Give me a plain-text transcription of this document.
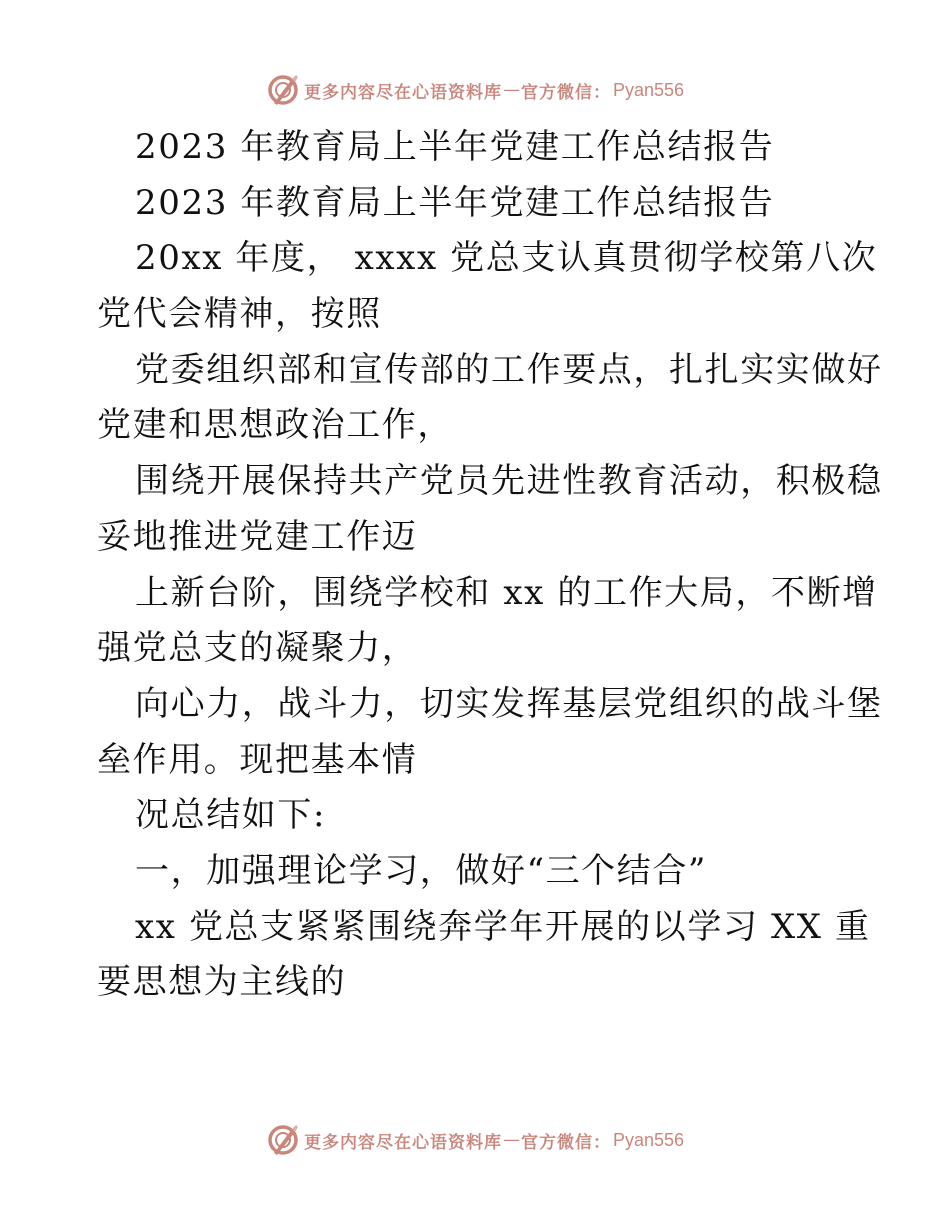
更多内容尽在心语资料库 — 官方微信： Pyan556
2023 年教育局上半年党建工作总结报告
2023 年教育局上半年党建工作总结报告
20xx 年度， xxxx 党总支认真贯彻学校第八次
党代会精神，按照
党委组织部和宣传部的工作要点，扎扎实实做好
党建和思想政治工作，
围绕开展保持共产党员先进性教育活动，积极稳
妥地推进党建工作迈
上新台阶，围绕学校和 xx 的工作大局，不断增
强党总支的凝聚力，
向心力，战斗力，切实发挥基层党组织的战斗堡
垒作用。现把基本情
况总结如下:
一，加强理论学习，做好“三个结合”
xx 党总支紧紧围绕奔学年开展的以学习 XX 重
要思想为主线的
更多内容尽在心语资料库 — 官方微信： Pyan556
